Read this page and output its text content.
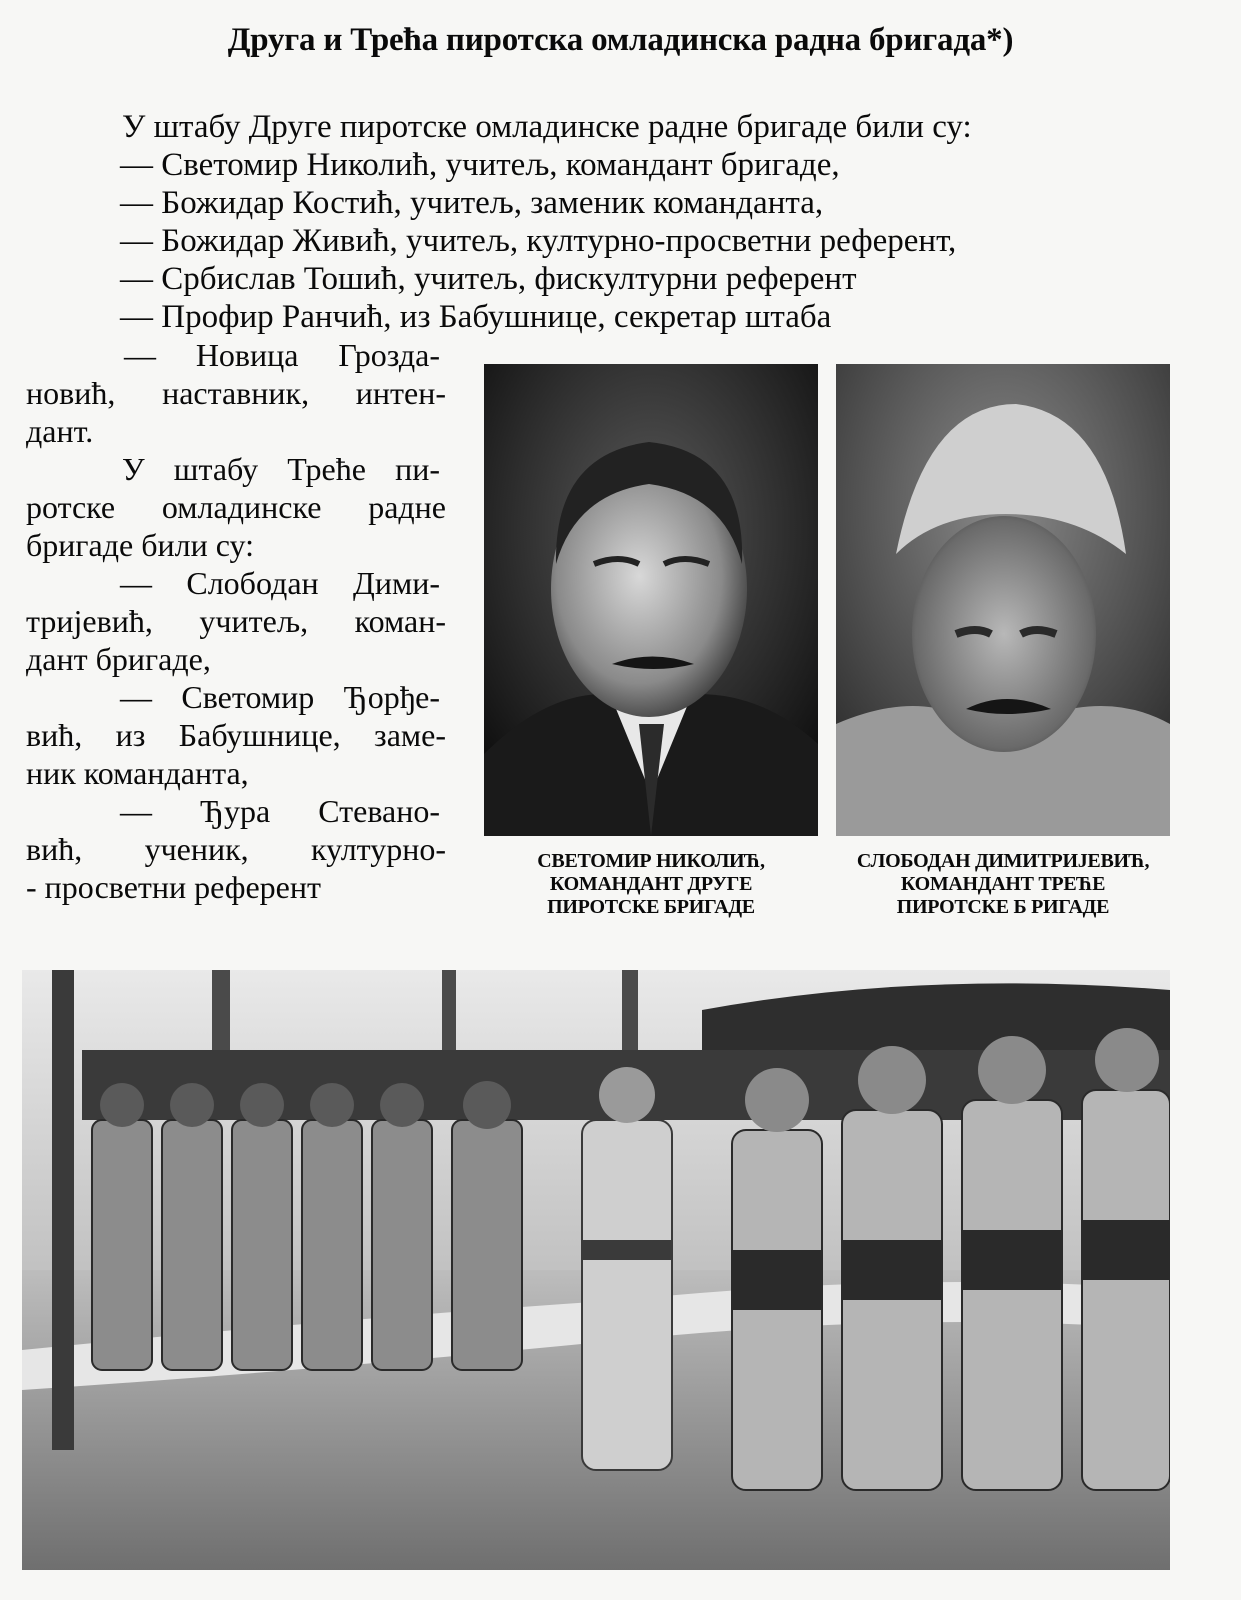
Друга и Трећа пиротска омладинска радна бригада*)
У штабу Друге пиротске омладинске радне бригаде били су:
— Светомир Николић, учитељ, командант бригаде,
— Божидар Костић, учитељ, заменик команданта,
— Божидар Живић, учитељ, културно-просветни референт,
— Србислав Тошић, учитељ, фискултурни референт
— Профир Ранчић, из Бабушнице, секретар штаба
— Новица Грозда-
новић, наставник, интен-
дант.
У штабу Треће пи-
ротске омладинске радне
бригаде били су:
— Слободан Дими-
тријевић, учитељ, коман-
дант бригаде,
— Светомир Ђорђе-
вић, из Бабушнице, заме-
ник команданта,
— Ђура Стевано-
вић, ученик, културно-
- просветни референт
СВЕТОМИР НИКОЛИЋ,
КОМАНДАНТ ДРУГЕ
ПИРОТСКЕ БРИГАДЕ
СЛОБОДАН ДИМИТРИЈЕВИЋ,
КОМАНДАНТ ТРЕЋЕ
ПИРОТСКЕ Б РИГАДЕ
